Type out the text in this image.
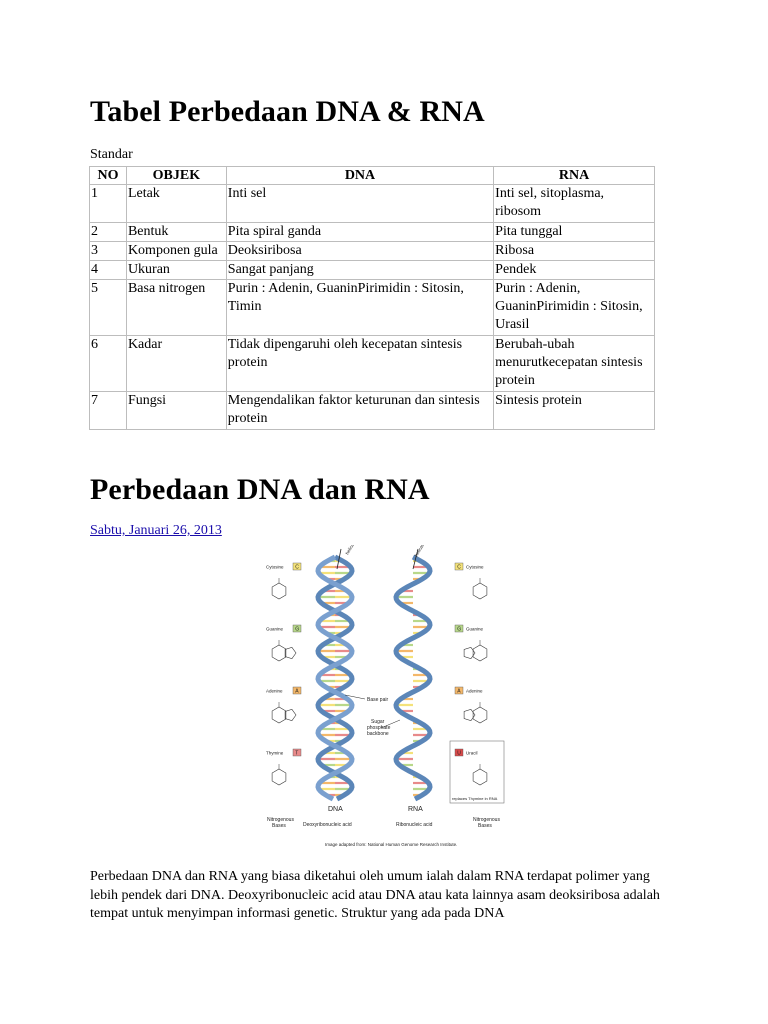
Tabel Perbedaan DNA & RNA
Standar
NO	OBJEK	DNA	RNA
1	Letak	Inti sel	Inti sel, sitoplasma, ribosom
2	Bentuk	Pita spiral ganda	Pita tunggal
3	Komponen gula	Deoksiribosa	Ribosa
4	Ukuran	Sangat panjang	Pendek
5	Basa nitrogen	Purin : Adenin, GuaninPirimidin : Sitosin, Timin	Purin : Adenin, GuaninPirimidin : Sitosin, Urasil
6	Kadar	Tidak dipengaruhi oleh kecepatan sintesis protein	Berubah-ubah menurutkecepatan sintesis protein
7	Fungsi	Mengendalikan faktor keturunan dan sintesis protein	Sintesis protein
Perbedaan DNA dan RNA
Sabtu, Januari 26, 2013
Cytosine C
Guanine G
Adenine	A
Thymine T
Cytosine
C
Guanine
G
Adenine
A
Uracil
U
helicase	helicase
Base pair
Sugar
phosphate
backbone
DNA
Deoxyribonucleic acid
RNA
Ribonucleic acid
Nitrogenous
Bases
Nitrogenous
Bases
replaces Thymine in RNA
Image adapted from: National Human Genome Research Institute.
Perbedaan DNA dan RNA yang biasa diketahui oleh umum ialah dalam RNA terdapat polimer yang lebih pendek dari DNA. Deoxyribonucleic acid atau DNA atau kata lainnya asam deoksiribosa adalah tempat untuk menyimpan informasi genetic. Struktur yang ada pada DNA
